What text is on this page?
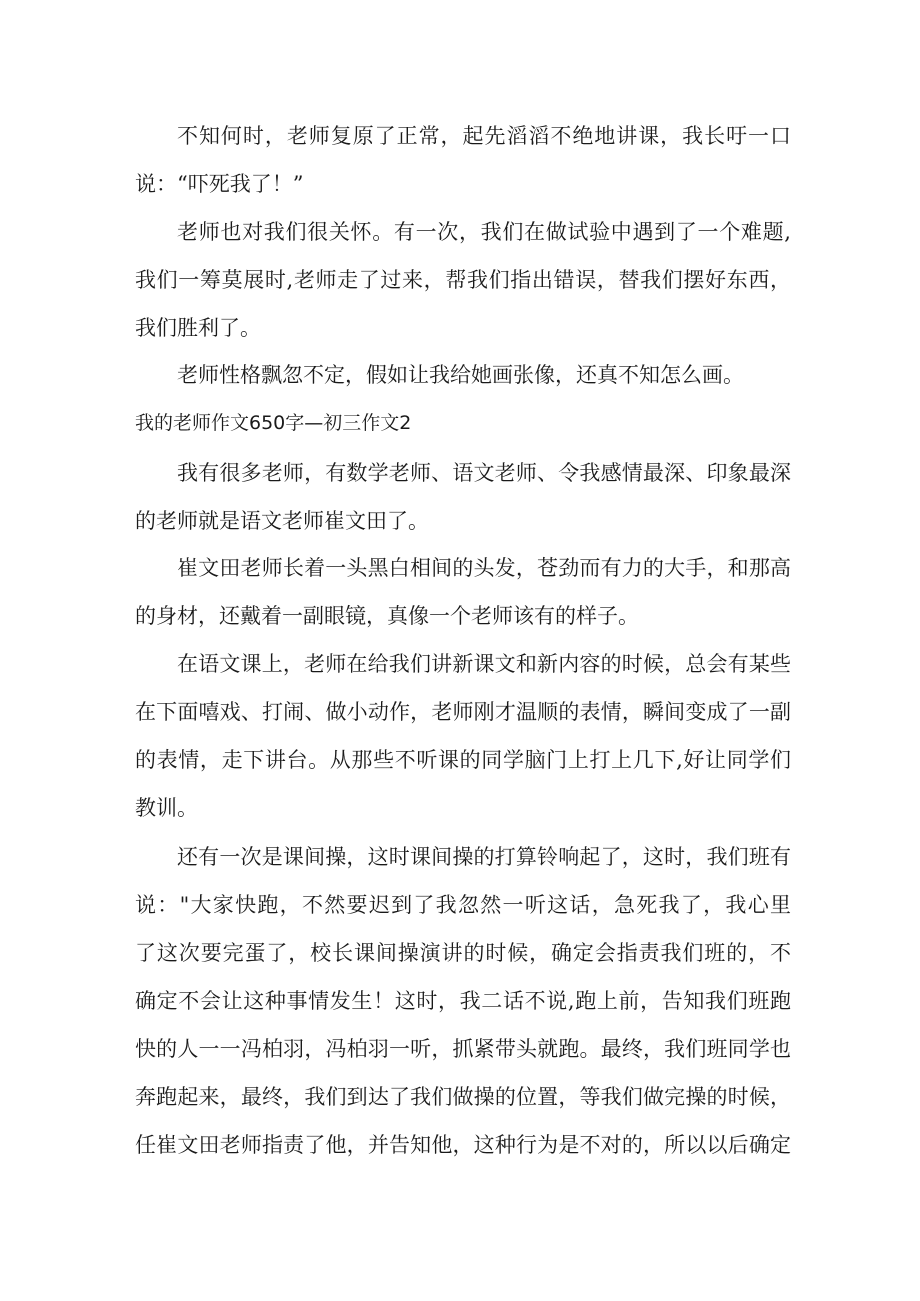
不知何时，老师复原了正常，起先滔滔不绝地讲课，我长吁一口
说：“吓死我了！”
老师也对我们很关怀。有一次，我们在做试验中遇到了一个难题,
我们一筹莫展时,老师走了过来，帮我们指出错误，替我们摆好东西，
我们胜利了。
老师性格飘忽不定，假如让我给她画张像，还真不知怎么画。
我的老师作文650字—初三作文2
我有很多老师，有数学老师、语文老师、令我感情最深、印象最深
的老师就是语文老师崔文田了。
崔文田老师长着一头黑白相间的头发，苍劲而有力的大手，和那高
的身材，还戴着一副眼镜，真像一个老师该有的样子。
在语文课上，老师在给我们讲新课文和新内容的时候，总会有某些
在下面嘻戏、打闹、做小动作，老师刚才温顺的表情，瞬间变成了一副
的表情，走下讲台。从那些不听课的同学脑门上打上几下,好让同学们
教训。
还有一次是课间操，这时课间操的打算铃响起了，这时，我们班有
说："大家快跑，不然要迟到了我忽然一听这话，急死我了，我心里
了这次要完蛋了，校长课间操演讲的时候，确定会指责我们班的，不
确定不会让这种事情发生！这时，我二话不说,跑上前，告知我们班跑
快的人一一冯柏羽，冯柏羽一听，抓紧带头就跑。最终，我们班同学也
奔跑起来，最终，我们到达了我们做操的位置，等我们做完操的时候，
任崔文田老师指责了他，并告知他，这种行为是不对的，所以以后确定
